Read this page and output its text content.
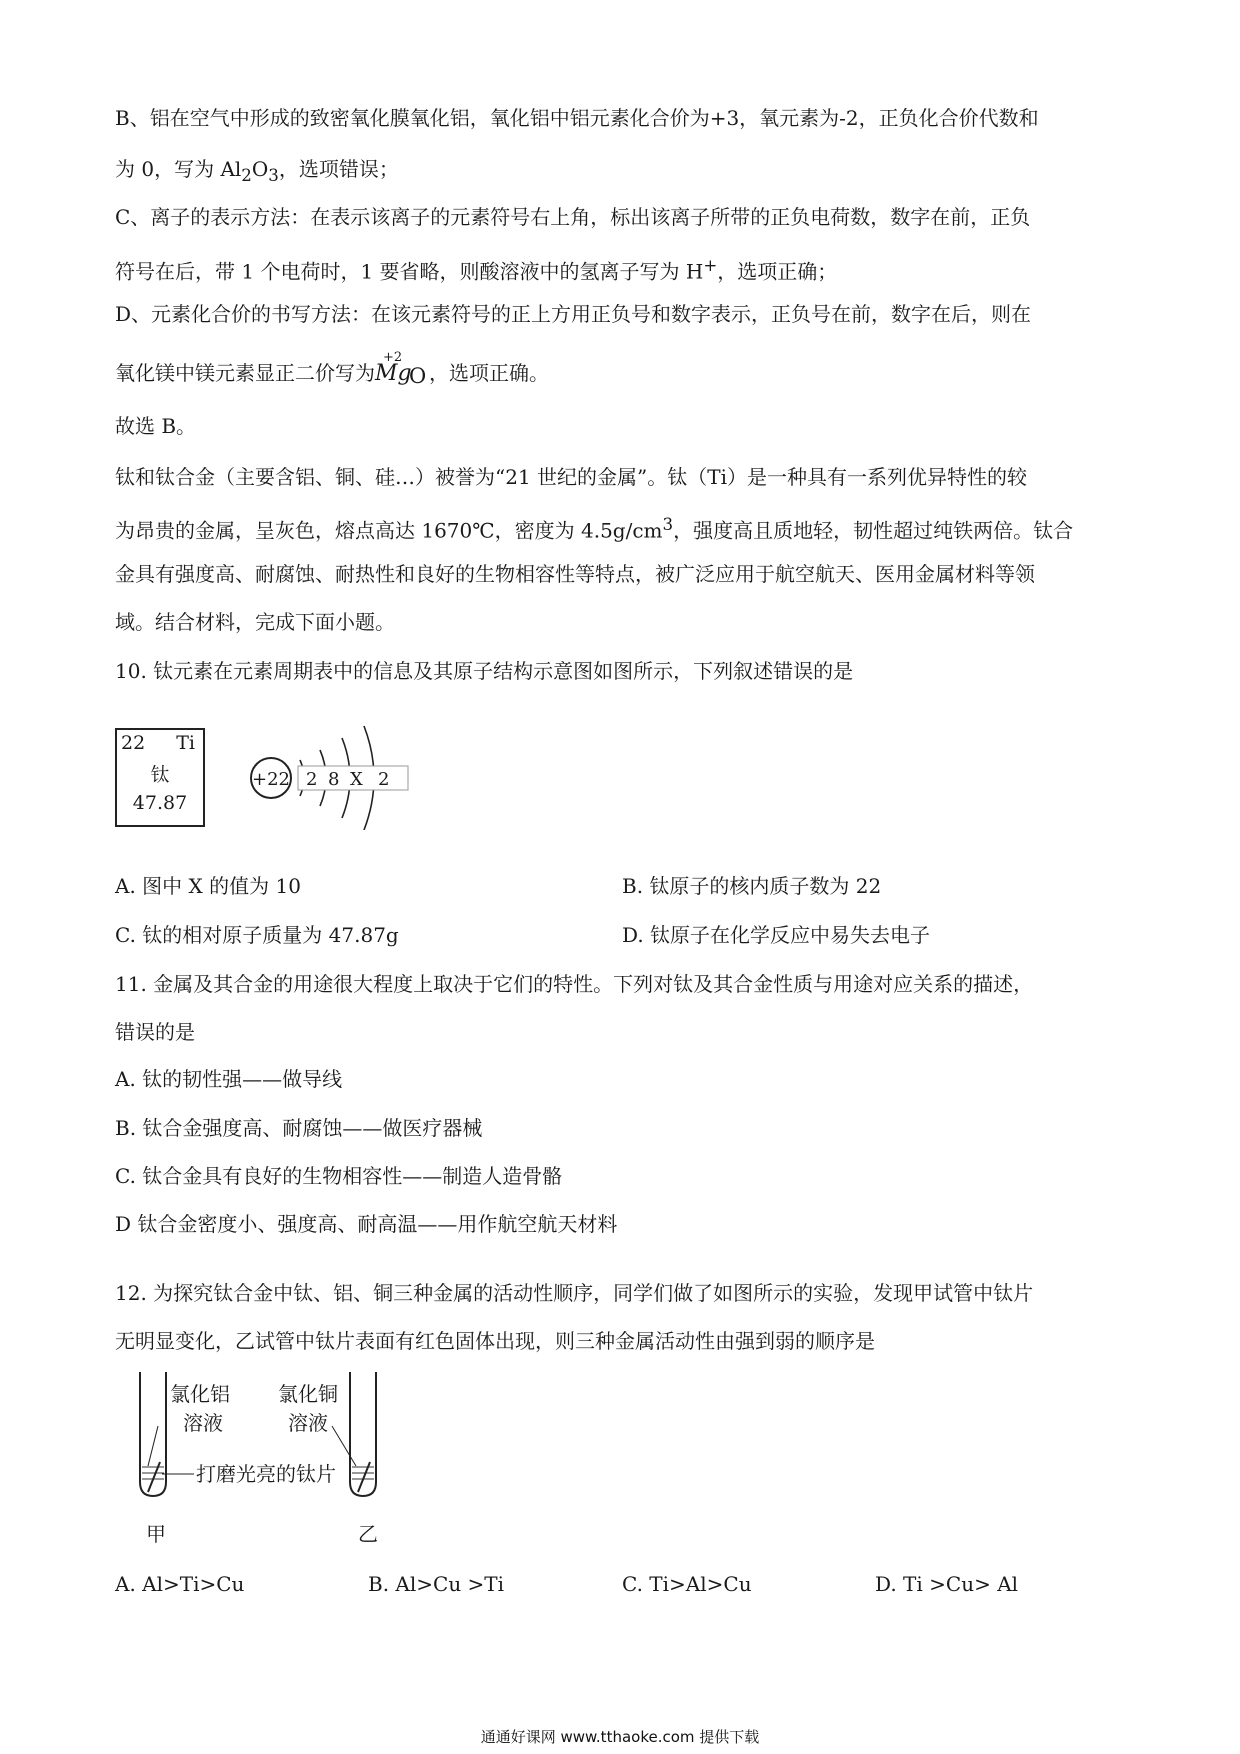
B、铝在空气中形成的致密氧化膜氧化铝，氧化铝中铝元素化合价为+3，氧元素为-2，正负化合价代数和
为 0，写为 $Al_2O_3$，选项错误；
C、离子的表示方法：在表示该离子的元素符号右上角，标出该离子所带的正负电荷数，数字在前，正负
符号在后，带 1 个电荷时，1 要省略，则酸溶液中的氢离子写为 H+，选项正确；
D、元素化合价的书写方法：在该元素符号的正上方用正负号和数字表示，正负号在前，数字在后，则在
氧化镁中镁元素显正二价写为
+2
Mg
O ，选项正确。
故选 B。
钛和钛合金（主要含铝、铜、硅…）被誉为“21 世纪的金属”。钛（Ti）是一种具有一系列优异特性的较
为昂贵的金属，呈灰色，熔点高达 1670℃，密度为 $4.5g/cm^3$，强度高且质地轻，韧性超过纯铁两倍。钛合
金具有强度高、耐腐蚀、耐热性和良好的生物相容性等特点，被广泛应用于航空航天、医用金属材料等领
域。结合材料，完成下面小题。
10. 钛元素在元素周期表中的信息及其原子结构示意图如图所示，下列叙述错误的是
22 Ti
钛
47.87
+22 2 8 X 2
A. 图中 X 的值为 10	B. 钛原子的核内质子数为 22
C. 钛的相对原子质量为 47.87g	D. 钛原子在化学反应中易失去电子
11. 金属及其合金的用途很大程度上取决于它们的特性。下列对钛及其合金性质与用途对应关系的描述，
错误的是
A. 钛的韧性强——做导线
B. 钛合金强度高、耐腐蚀——做医疗器械
C. 钛合金具有良好的生物相容性——制造人造骨骼
D 钛合金密度小、强度高、耐高温——用作航空航天材料
12. 为探究钛合金中钛、铝、铜三种金属的活动性顺序，同学们做了如图所示的实验，发现甲试管中钛片
无明显变化，乙试管中钛片表面有红色固体出现，则三种金属活动性由强到弱的顺序是
氯化铝
溶液
氯化铜
溶液
打磨光亮的钛片
甲	乙
A. Al>Ti>Cu	B. Al>Cu >Ti	C. Ti>Al>Cu	D. Ti >Cu> Al
通通好课网 www.tthaoke.com 提供下载
